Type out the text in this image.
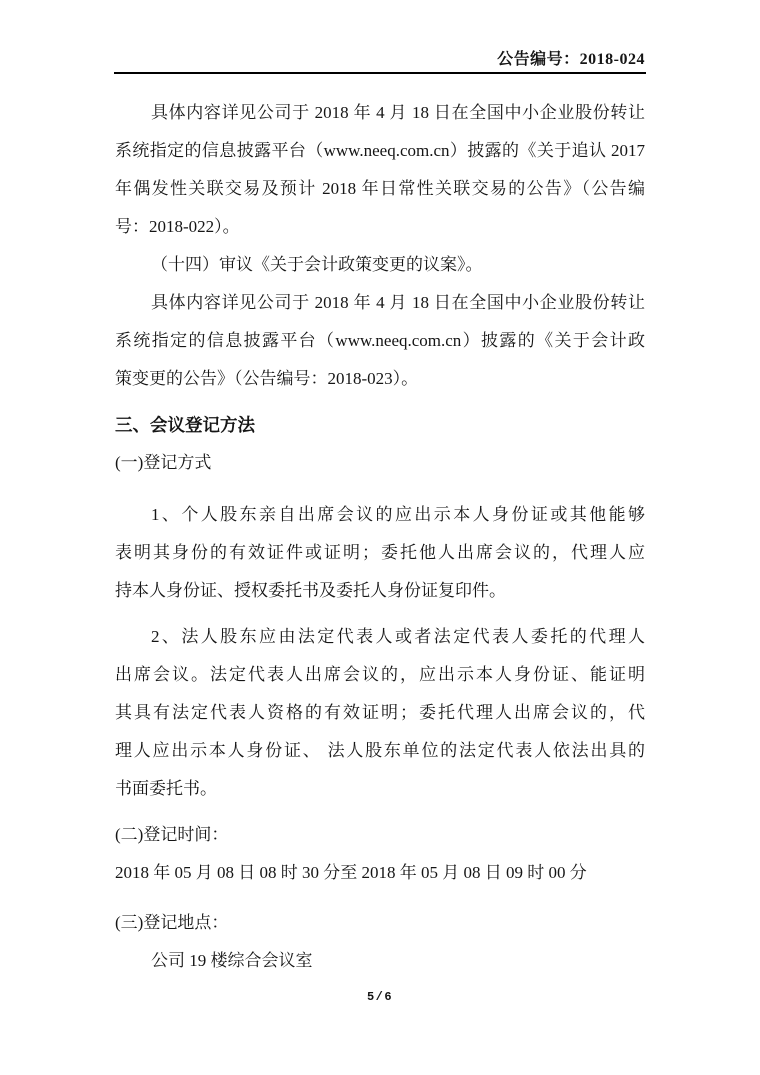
公告编号：2018-024
具体内容详见公司于 2018 年 4 月 18 日在全国中小企业股份转让
系统指定的信息披露平台（www.neeq.com.cn）披露的《关于追认 2017
年偶发性关联交易及预计 2018 年日常性关联交易的公告》（公告编
号：2018-022）。
（十四）审议《关于会计政策变更的议案》。
具体内容详见公司于 2018 年 4 月 18 日在全国中小企业股份转让
系统指定的信息披露平台（www.neeq.com.cn）披露的《关于会计政
策变更的公告》（公告编号：2018-023）。
三、会议登记方法
(一)登记方式
1、个人股东亲自出席会议的应出示本人身份证或其他能够
表明其身份的有效证件或证明；委托他人出席会议的，代理人应
持本人身份证、授权委托书及委托人身份证复印件。
2、法人股东应由法定代表人或者法定代表人委托的代理人
出席会议。法定代表人出席会议的，应出示本人身份证、能证明
其具有法定代表人资格的有效证明；委托代理人出席会议的，代
理人应出示本人身份证、 法人股东单位的法定代表人依法出具的
书面委托书。
(二)登记时间：
2018 年 05 月 08 日 08 时 30 分至 2018 年 05 月 08 日 09 时 00 分
(三)登记地点：
公司 19 楼综合会议室
5/6
